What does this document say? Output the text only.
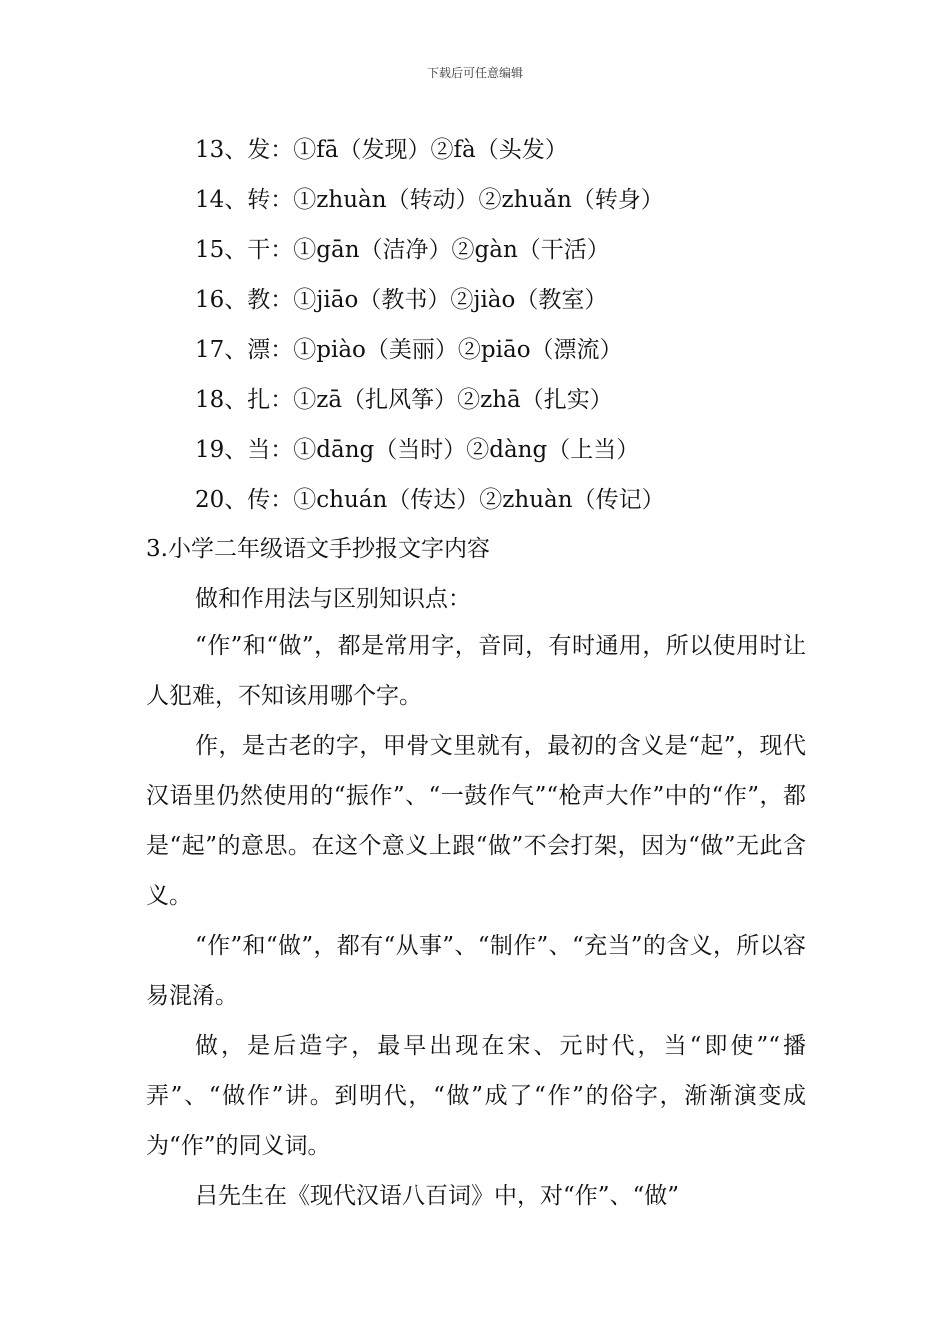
下载后可任意编辑
13、发：①fā（发现）②fà（头发）
14、转：①zhuàn（转动）②zhuǎn（转身）
15、干：①gān（洁净）②gàn（干活）
16、教：①jiāo（教书）②jiào（教室）
17、漂：①piào（美丽）②piāo（漂流）
18、扎：①zā（扎风筝）②zhā（扎实）
19、当：①dāng（当时）②dàng（上当）
20、传：①chuán（传达）②zhuàn（传记）
3.小学二年级语文手抄报文字内容
做和作用法与区别知识点：
“作”和“做”，都是常用字，音同，有时通用，所以使用时让人犯难，不知该用哪个字。
作，是古老的字，甲骨文里就有，最初的含义是“起”，现代汉语里仍然使用的“振作”、“一鼓作气”“枪声大作”中的“作”，都是“起”的意思。在这个意义上跟“做”不会打架，因为“做”无此含义。
“作”和“做”，都有“从事”、“制作”、“充当”的含义，所以容易混淆。
做，是后造字，最早出现在宋、元时代，当“即使”“播弄”、“做作”讲。到明代，“做”成了“作”的俗字，渐渐演变成为“作”的同义词。
吕先生在《现代汉语八百词》中，对“作”、“做”
